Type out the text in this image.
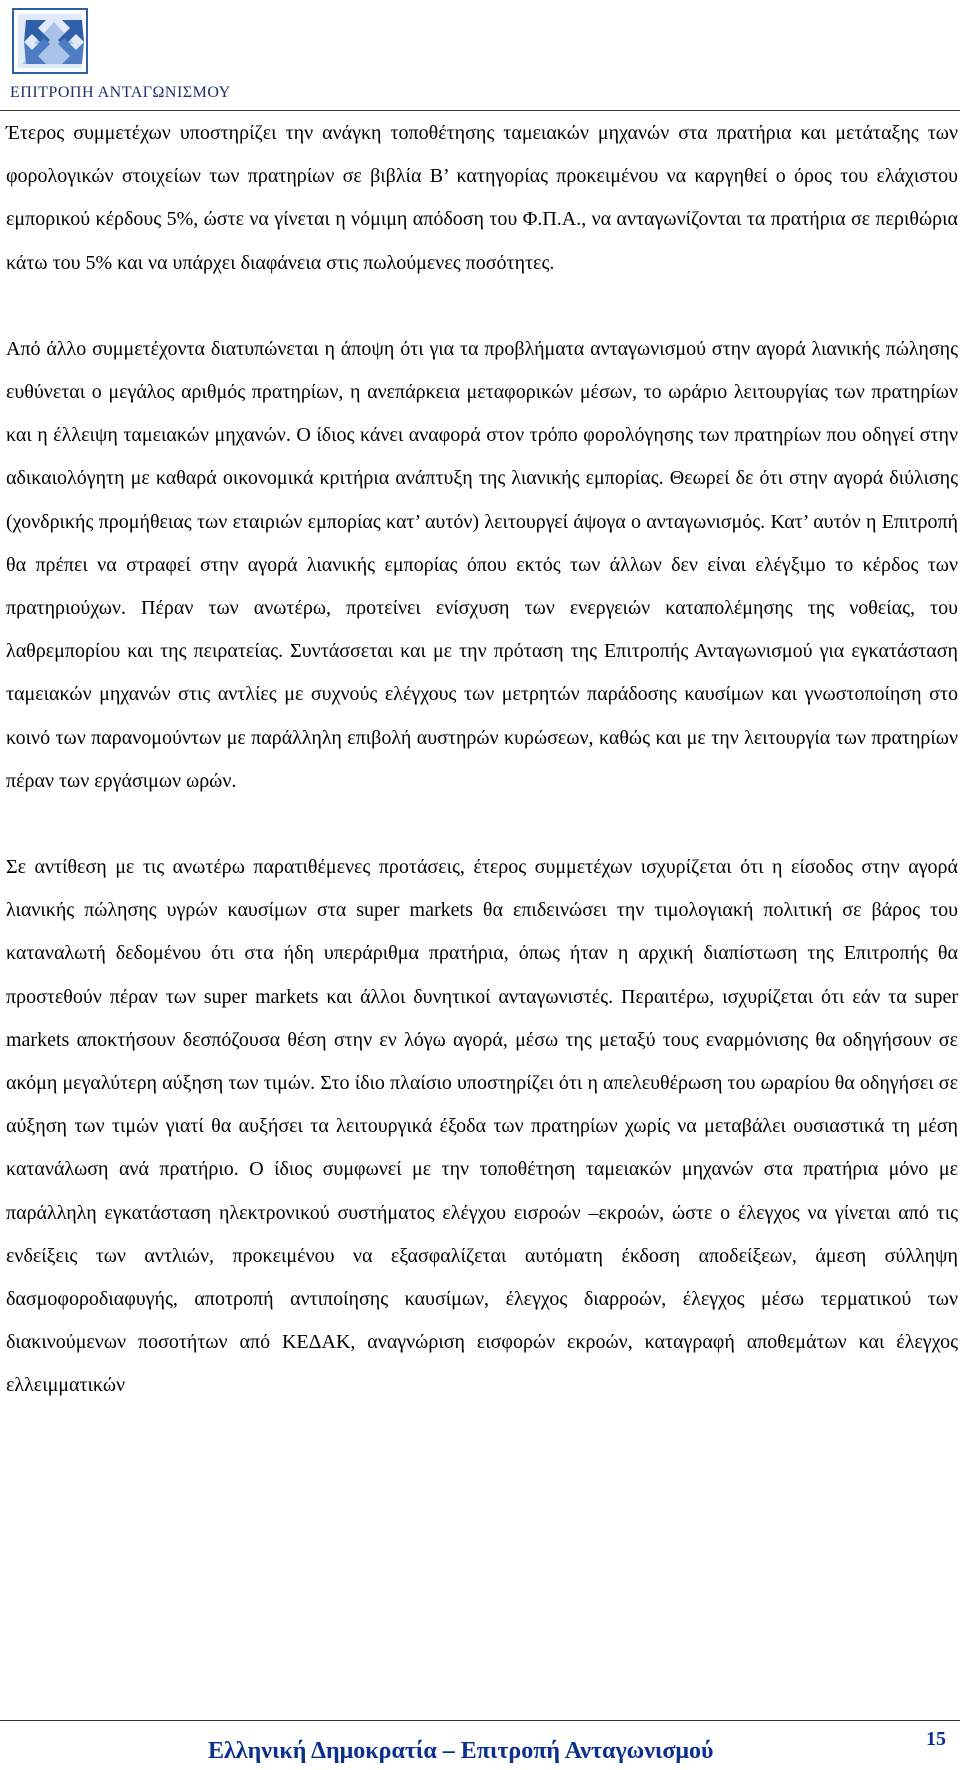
ΕΠΙΤΡΟΠΗ ΑΝΤΑΓΩΝΙΣΜΟΥ

Έτερος συμμετέχων υποστηρίζει την ανάγκη τοποθέτησης ταμειακών μηχανών στα πρατήρια και μετάταξης των φορολογικών στοιχείων των πρατηρίων σε βιβλία Β’ κατηγορίας προκειμένου να καργηθεί ο όρος του ελάχιστου εμπορικού κέρδους 5%, ώστε να γίνεται η νόμιμη απόδοση του Φ.Π.Α., να ανταγωνίζονται τα πρατήρια σε περιθώρια κάτω του 5% και να υπάρχει διαφάνεια στις πωλούμενες ποσότητες.

Από άλλο συμμετέχοντα διατυπώνεται η άποψη ότι για τα προβλήματα ανταγωνισμού στην αγορά λιανικής πώλησης ευθύνεται ο μεγάλος αριθμός πρατηρίων, η ανεπάρκεια μεταφορικών μέσων, το ωράριο λειτουργίας των πρατηρίων και η έλλειψη ταμειακών μηχανών. Ο ίδιος κάνει αναφορά στον τρόπο φορολόγησης των πρατηρίων που οδηγεί στην αδικαιολόγητη με καθαρά οικονομικά κριτήρια ανάπτυξη της λιανικής εμπορίας. Θεωρεί δε ότι στην αγορά διύλισης (χονδρικής προμήθειας των εταιριών εμπορίας κατ’ αυτόν) λειτουργεί άψογα ο ανταγωνισμός. Κατ’ αυτόν η Επιτροπή θα πρέπει να στραφεί στην αγορά λιανικής εμπορίας όπου εκτός των άλλων δεν είναι ελέγξιμο το κέρδος των πρατηριούχων. Πέραν των ανωτέρω, προτείνει ενίσχυση των ενεργειών καταπολέμησης της νοθείας, του λαθρεμπορίου και της πειρατείας. Συντάσσεται και με την πρόταση της Επιτροπής Ανταγωνισμού για εγκατάσταση ταμειακών μηχανών στις αντλίες με συχνούς ελέγχους των μετρητών παράδοσης καυσίμων και γνωστοποίηση στο κοινό των παρανομούντων με παράλληλη επιβολή αυστηρών κυρώσεων, καθώς και με την λειτουργία των πρατηρίων πέραν των εργάσιμων ωρών.

Σε αντίθεση με τις ανωτέρω παρατιθέμενες προτάσεις, έτερος συμμετέχων ισχυρίζεται ότι η είσοδος στην αγορά λιανικής πώλησης υγρών καυσίμων στα super markets θα επιδεινώσει την τιμολογιακή πολιτική σε βάρος του καταναλωτή δεδομένου ότι στα ήδη υπεράριθμα πρατήρια, όπως ήταν η αρχική διαπίστωση της Επιτροπής θα προστεθούν πέραν των super markets και άλλοι δυνητικοί ανταγωνιστές. Περαιτέρω, ισχυρίζεται ότι εάν τα super markets αποκτήσουν δεσπόζουσα θέση στην εν λόγω αγορά, μέσω της μεταξύ τους εναρμόνισης θα οδηγήσουν σε ακόμη μεγαλύτερη αύξηση των τιμών. Στο ίδιο πλαίσιο υποστηρίζει ότι η απελευθέρωση του ωραρίου θα οδηγήσει σε αύξηση των τιμών γιατί θα αυξήσει τα λειτουργικά έξοδα των πρατηρίων χωρίς να μεταβάλει ουσιαστικά τη μέση κατανάλωση ανά πρατήριο. Ο ίδιος συμφωνεί με την τοποθέτηση ταμειακών μηχανών στα πρατήρια μόνο με παράλληλη εγκατάσταση ηλεκτρονικού συστήματος ελέγχου εισροών –εκροών, ώστε ο έλεγχος να γίνεται από τις ενδείξεις των αντλιών, προκειμένου να εξασφαλίζεται αυτόματη έκδοση αποδείξεων, άμεση σύλληψη δασμοφοροδιαφυγής, αποτροπή αντιποίησης καυσίμων, έλεγχος διαρροών, έλεγχος μέσω τερματικού των διακινούμενων ποσοτήτων από ΚΕΔΑΚ, αναγνώριση εισφορών εκροών, καταγραφή αποθεμάτων και έλεγχος ελλειμματικών

Ελληνική Δημοκρατία – Επιτροπή Ανταγωνισμού	15
